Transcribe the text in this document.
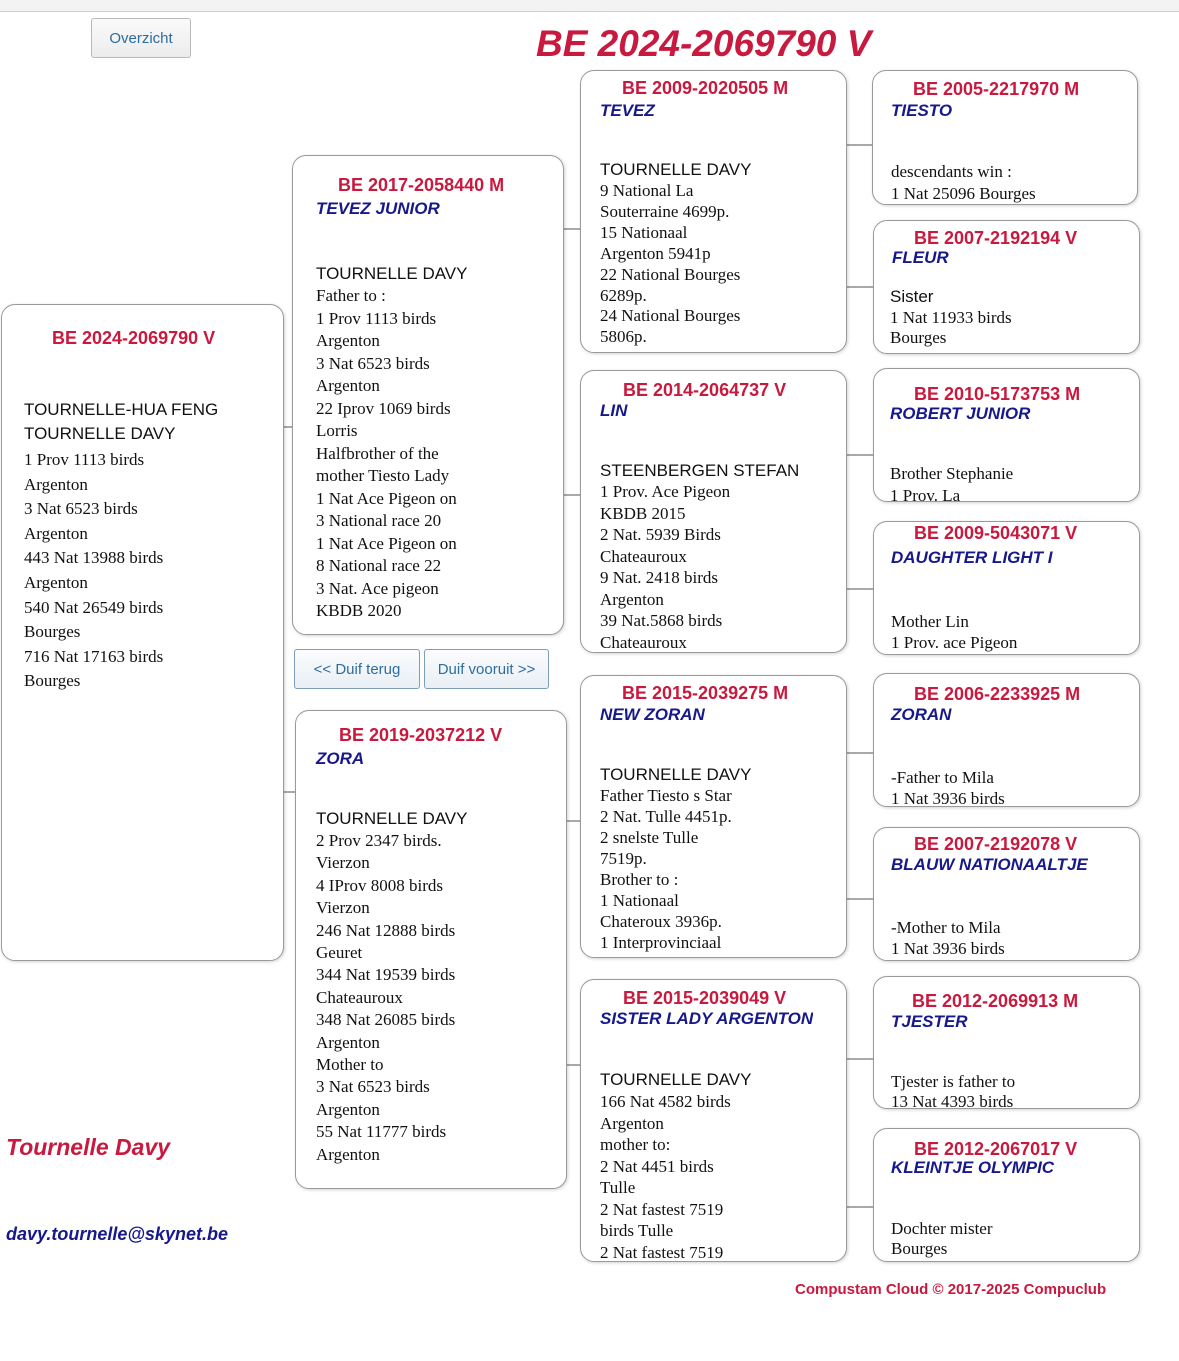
Overzicht	BE 2024-2069790 V
BE 2024-2069790 V
TOURNELLE-HUA FENG
TOURNELLE DAVY
1 Prov 1113 birds
Argenton
3 Nat 6523 birds
Argenton
443 Nat 13988 birds
Argenton
540 Nat 26549 birds
Bourges
716 Nat 17163 birds
Bourges
BE 2017-2058440 M
TEVEZ JUNIOR
TOURNELLE DAVY
Father to :
1 Prov 1113 birds
Argenton
3 Nat 6523 birds
Argenton
22 Iprov 1069 birds
Lorris
Halfbrother of the
mother Tiesto Lady
1 Nat Ace Pigeon on
3 National race 20
1 Nat Ace Pigeon on
8 National race 22
3 Nat. Ace pigeon
KBDB 2020
<< Duif terug	Duif vooruit >>
BE 2019-2037212 V
ZORA
TOURNELLE DAVY
2 Prov 2347 birds.
Vierzon
4 IProv 8008 birds
Vierzon
246 Nat 12888 birds
Geuret
344 Nat 19539 birds
Chateauroux
348 Nat 26085 birds
Argenton
Mother to
3 Nat 6523 birds
Argenton
55 Nat 11777 birds
Argenton
BE 2009-2020505 M
TEVEZ
TOURNELLE DAVY
9 National La
Souterraine 4699p.
15 Nationaal
Argenton 5941p
22 National Bourges
6289p.
24 National Bourges
5806p.
BE 2014-2064737 V
LIN
STEENBERGEN STEFAN
1 Prov. Ace Pigeon
KBDB 2015
2 Nat. 5939 Birds
Chateauroux
9 Nat. 2418 birds
Argenton
39 Nat.5868 birds
Chateauroux
BE 2015-2039275 M
NEW ZORAN
TOURNELLE DAVY
Father Tiesto s Star
2 Nat. Tulle 4451p.
2 snelste Tulle
7519p.
Brother to :
1 Nationaal
Chateroux 3936p.
1 Interprovinciaal
BE 2015-2039049 V
SISTER LADY ARGENTON
TOURNELLE DAVY
166 Nat 4582 birds
Argenton
mother to:
2 Nat 4451 birds
Tulle
2 Nat fastest 7519
birds Tulle
2 Nat fastest 7519
BE 2005-2217970 M
TIESTO
descendants win :
1 Nat 25096 Bourges
BE 2007-2192194 V
FLEUR
Sister
1 Nat 11933 birds
Bourges
BE 2010-5173753 M
ROBERT JUNIOR
Brother Stephanie
1 Prov. La
BE 2009-5043071 V
DAUGHTER LIGHT I
Mother Lin
1 Prov. ace Pigeon
BE 2006-2233925 M
ZORAN
-Father to Mila
1 Nat 3936 birds
BE 2007-2192078 V
BLAUW NATIONAALTJE
-Mother to Mila
1 Nat 3936 birds
BE 2012-2069913 M
TJESTER
Tjester is father to
13 Nat 4393 birds
BE 2012-2067017 V
KLEINTJE OLYMPIC
Dochter mister
Bourges
Tournelle Davy
davy.tournelle@skynet.be
Compustam Cloud © 2017-2025 Compuclub
